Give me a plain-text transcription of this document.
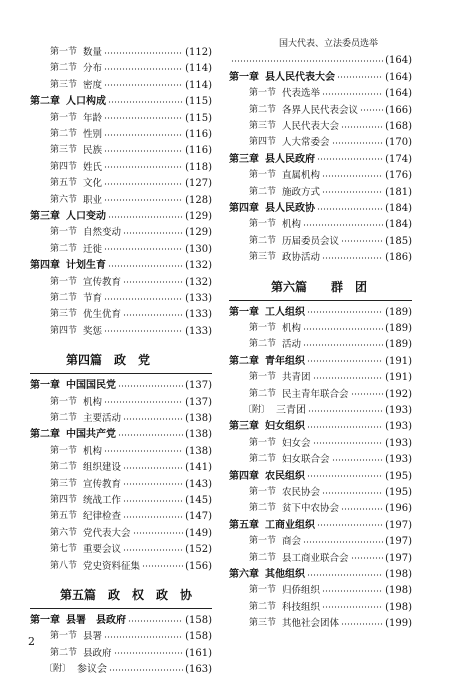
第一节 数量	(112)
第二节 分布	(114)
第三节 密度	(114)
第二章 人口构成	(115)
第一节 年龄	(115)
第二节 性别	(116)
第三节 民族	(116)
第四节 姓氏	(118)
第五节 文化	(127)
第六节 职业	(128)
第三章 人口变动	(129)
第一节 自然变动	(129)
第二节 迁徙	(130)
第四章 计划生育	(132)
第一节 宣传教育	(132)
第二节 节育	(133)
第三节 优生优育	(133)
第四节 奖惩	(133)
第四篇　政　党
第一章 中国国民党	(137)
第一节 机构	(137)
第二节 主要活动	(138)
第二章 中国共产党	(138)
第一节 机构	(138)
第二节 组织建设	(141)
第三节 宣传教育	(143)
第四节 统战工作	(145)
第五节 纪律检查	(147)
第六节 党代表大会	(149)
第七节 重要会议	(152)
第八节 党史资料征集	(156)
第五篇　政　权　政　协
第一章 县署　县政府	(158)
第一节 县署	(158)
第二节 县政府	(161)
〔附〕 参议会	(163)
国大代表、立法委员选举
(164)
第一章 县人民代表大会	(164)
第一节 代表选举	(164)
第二节 各界人民代表会议	(166)
第三节 人民代表大会	(168)
第四节 人大常委会	(170)
第三章 县人民政府	(174)
第一节 直属机构	(176)
第二节 施政方式	(181)
第四章 县人民政协	(184)
第一节 机构	(184)
第二节 历届委员会议	(185)
第三节 政协活动	(186)
第六篇　　群　团
第一章 工人组织	(189)
第一节 机构	(189)
第二节 活动	(189)
第二章 青年组织	(191)
第一节 共青团	(191)
第二节 民主青年联合会	(192)
〔附〕 三青团	(193)
第三章 妇女组织	(193)
第一节 妇女会	(193)
第二节 妇女联合会	(193)
第四章 农民组织	(195)
第一节 农民协会	(195)
第二节 贫下中农协会	(196)
第五章 工商业组织	(197)
第一节 商会	(197)
第二节 县工商业联合会	(197)
第六章 其他组织	(198)
第一节 归侨组织	(198)
第二节 科技组织	(198)
第三节 其他社会团体	(199)
2
